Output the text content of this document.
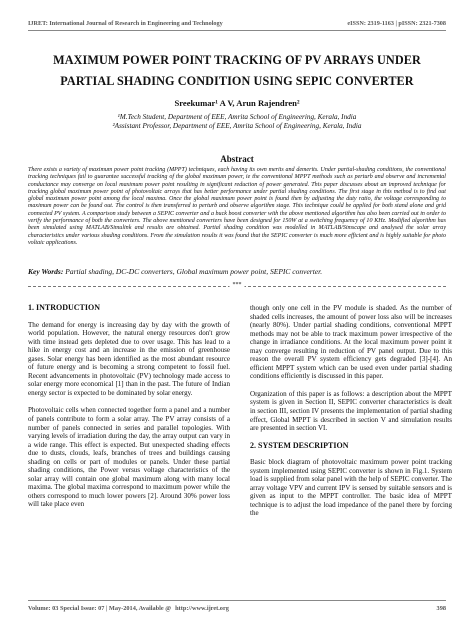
IJRET: International Journal of Research in Engineering and Technology	eISSN: 2319-1163 | pISSN: 2321-7308
MAXIMUM POWER POINT TRACKING OF PV ARRAYS UNDER
PARTIAL SHADING CONDITION USING SEPIC CONVERTER
Sreekumar¹ A V, Arun Rajendren²
¹M.Tech Student, Department of EEE, Amrita School of Engineering, Kerala, India
²Assistant Professor, Department of EEE, Amrita School of Engineering, Kerala, India
Abstract
There exists a variety of maximum power point tracking (MPPT) techniques, each having its own merits and demerits. Under partial-shading conditions, the conventional tracking techniques fail to guarantee successful tracking of the global maximum power, ie the conventional MPPT methods such as perturb and observe and incremental conductance may converge on local maximum power point resulting in significant reduction of power generated. This paper discusses about an improved technique for tracking global maximum power point of photovoltaic arrays that has better performance under partial shading conditions. The first stage in this method is to find out global maximum power point among the local maxima. Once the global maximum power point is found then by adjusting the duty ratio, the voltage corresponding to maximum power can be found out. The control is then transferred to perturb and observe algorithm stage. This technique could be applied for both stand alone and grid connected PV system. A comparison study between a SEPIC converter and a buck boost converter with the above mentioned algorithm has also been carried out in order to verify the performance of both the converters. The above mentioned converters have been designed for 150W at a switching frequency of 10 KHz. Modified algorithm has been simulated using MATLAB/Simulink and results are obtained. Partial shading condition was modelled in MATLAB/Simscape and analysed the solar array characteristics under various shading conditions. From the simulation results it was found that the SEPIC converter is much more efficient and is highly suitable for photo voltaic applications.
Key Words: Partial shading, DC-DC converters, Global maximum power point, SEPIC converter.
***
1. INTRODUCTION

The demand for energy is increasing day by day with the growth of world population. However, the natural energy resources don't grow with time instead gets depleted due to over usage. This has lead to a hike in energy cost and an increase in the emission of greenhouse gases. Solar energy has been identified as the most abundant resource of future energy and is becoming a strong competent to fossil fuel. Recent advancements in photovoltaic (PV) technology made access to solar energy more economical [1] than in the past. The future of Indian energy sector is expected to be dominated by solar energy.

Photovoltaic cells when connected together form a panel and a number of panels contribute to form a solar array. The PV array consists of a number of panels connected in series and parallel topologies. With varying levels of irradiation during the day, the array output can vary in a wide range. This effect is expected. But unexpected shading effects due to dusts, clouds, leafs, branches of trees and buildings causing shading on cells or part of modules or panels. Under these partial shading conditions, the Power versus voltage characteristics of the solar array will contain one global maximum along with many local maxima. The global maxima correspond to maximum power while the others correspond to much lower powers [2]. Around 30% power loss will take place even

though only one cell in the PV module is shaded. As the number of shaded cells increases, the amount of power loss also will be increases (nearly 80%). Under partial shading conditions, conventional MPPT methods may not be able to track maximum power irrespective of the change in irradiance conditions. At the local maximum power point it may converge resulting in reduction of PV panel output. Due to this reason the overall PV system efficiency gets degraded [3]-[4]. An efficient MPPT system which can be used even under partial shading conditions efficiently is discussed in this paper.

Organization of this paper is as follows: a description about the MPPT system is given in Section II, SEPIC converter characteristics is dealt in section III, section IV presents the implementation of partial shading effect, Global MPPT is described in section V and simulation results are presented in section VI.

2. SYSTEM DESCRIPTION

Basic block diagram of photovoltaic maximum power point tracking system implemented using SEPIC converter is shown in Fig.1. System load is supplied from solar panel with the help of SEPIC converter. The array voltage VPV and current IPV is sensed by suitable sensors and is given as input to the MPPT controller. The basic idea of MPPT technique is to adjust the load impedance of the panel there by forcing the

Volume: 03 Special Issue: 07 | May-2014, Available @ http://www.ijret.org	398
